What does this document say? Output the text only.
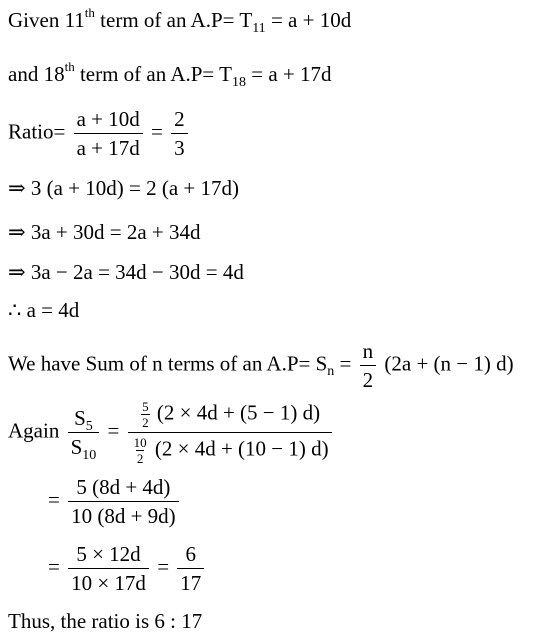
Given 11th term of an $A.P= T_{11} = a + 10d$
and 18th term of an $A.P= T_{18} = a + 17d$
Ratio= $\frac{a + 10d}{a + 17d} = \frac{2}{3}$
⇒ 3 (a + 10d) = 2 (a + 17d)
⇒ 3a + 30d = 2a + 34d
⇒ 3a − 2a = 34d − 30d = 4d
∴ a = 4d
We have Sum of n terms of an $A.P= S_n = \frac{n}{2} (2a + (n - 1)$ d)
Again $\frac{S_5}{S_{10}} = \frac{\frac{5}{2} (2 \times 4d + (5 - 1) d)}{\frac{10}{2} (2 \times 4d + (10 - 1) d)}$
= $\frac{5 (8d + 4d)}{10 (8d + 9d)}$
= $\frac{5 \times 12d}{10 \times 17d} = \frac{6}{17}$
Thus, the ratio is 6 : 17
